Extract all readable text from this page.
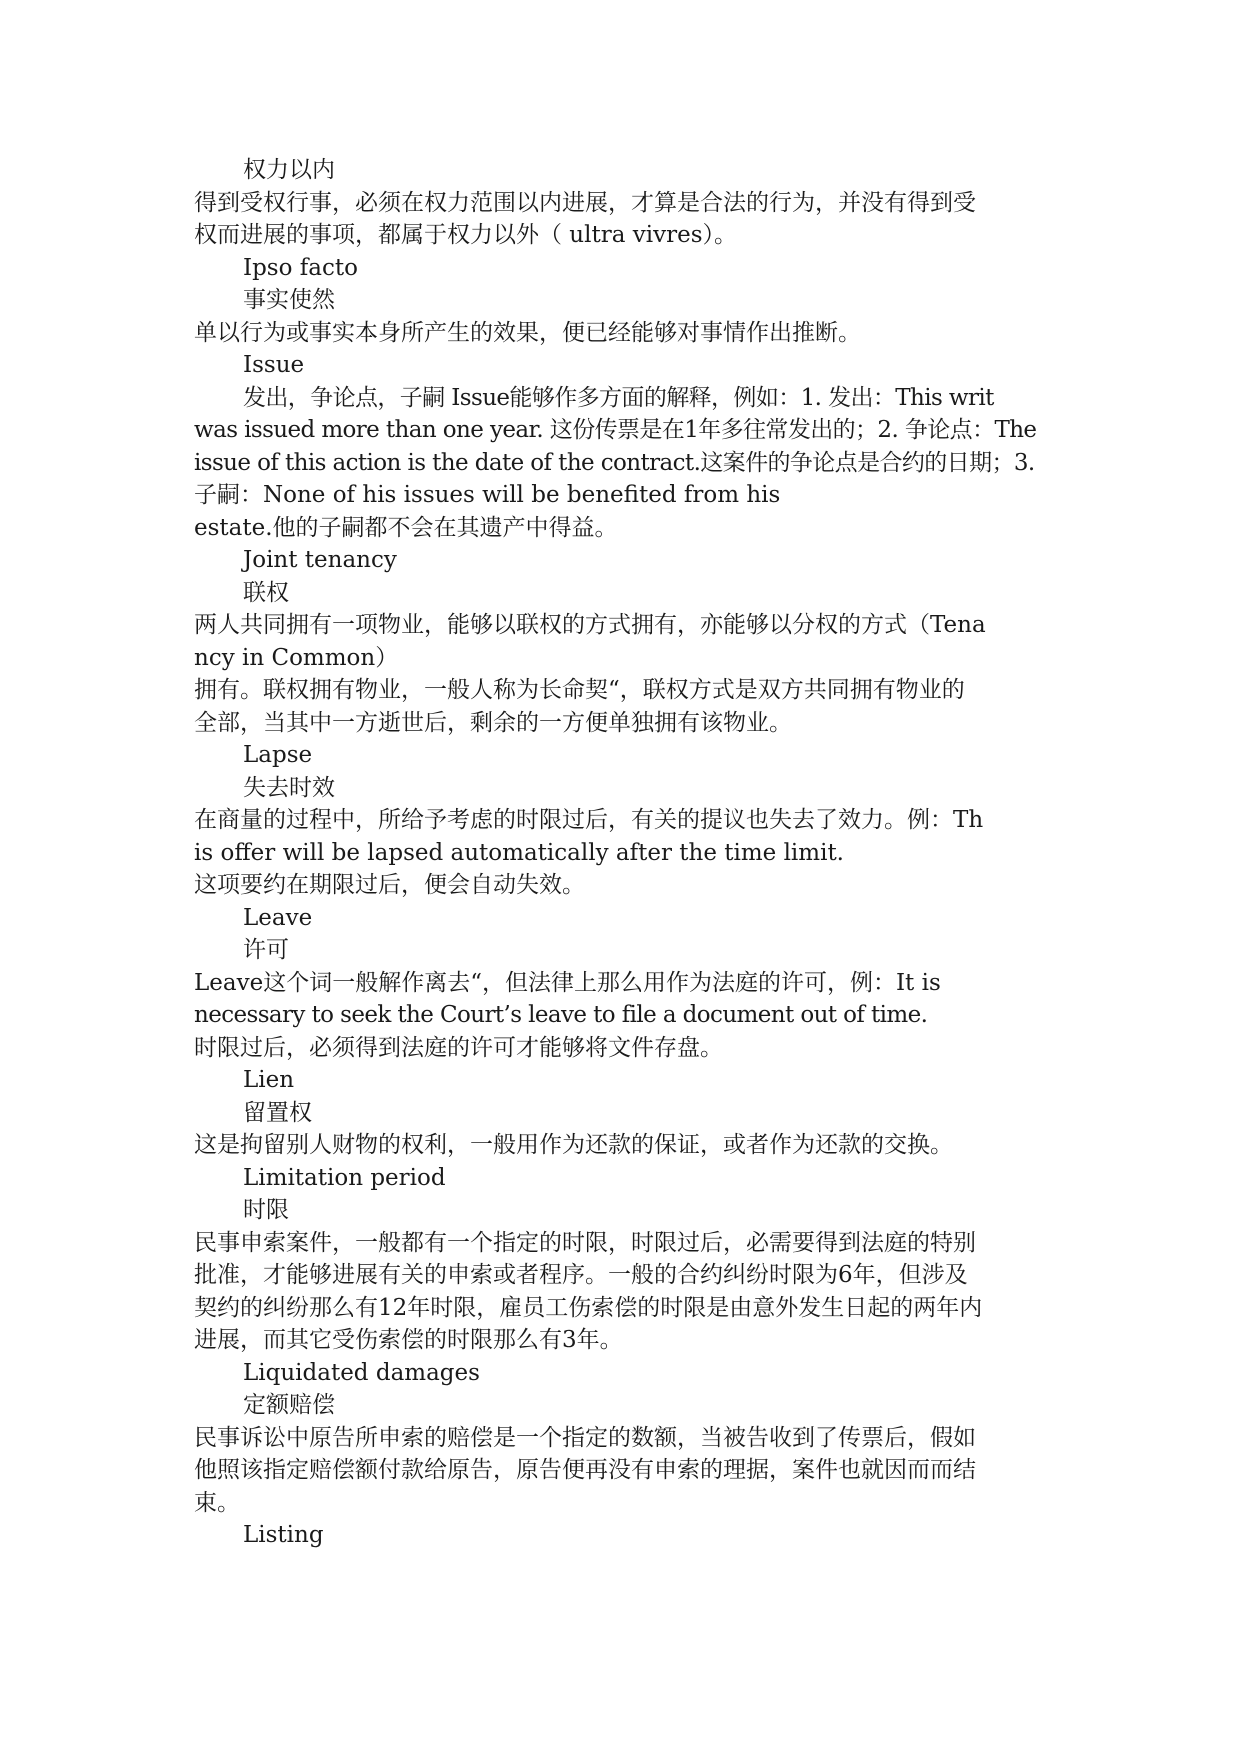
权力以内
得到受权行事，必须在权力范围以内进展，才算是合法的行为，并没有得到受
权而进展的事项，都属于权力以外（ ultra vivres）。
Ipso facto
事实使然
单以行为或事实本身所产生的效果，便已经能够对事情作出推断。
Issue
发出，争论点，子嗣 Issue能够作多方面的解释，例如：1. 发出：This writ
was issued more than one year. 这份传票是在1年多往常发出的；2. 争论点：The
issue of this action is the date of the contract.这案件的争论点是合约的日期；3.
子嗣：None of his issues will be benefited from his
estate.他的子嗣都不会在其遗产中得益。
Joint tenancy
联权
两人共同拥有一项物业，能够以联权的方式拥有，亦能够以分权的方式（Tena
ncy in Common）
拥有。联权拥有物业，一般人称为长命契“，联权方式是双方共同拥有物业的
全部，当其中一方逝世后，剩余的一方便单独拥有该物业。
Lapse
失去时效
在商量的过程中，所给予考虑的时限过后，有关的提议也失去了效力。例：Th
is offer will be lapsed automatically after the time limit.
这项要约在期限过后，便会自动失效。
Leave
许可
Leave这个词一般解作离去“，但法律上那么用作为法庭的许可，例：It is
necessary to seek the Court’s leave to file a document out of time.
时限过后，必须得到法庭的许可才能够将文件存盘。
Lien
留置权
这是拘留别人财物的权利，一般用作为还款的保证，或者作为还款的交换。
Limitation period
时限
民事申索案件，一般都有一个指定的时限，时限过后，必需要得到法庭的特别
批准，才能够进展有关的申索或者程序。一般的合约纠纷时限为6年，但涉及
契约的纠纷那么有12年时限，雇员工伤索偿的时限是由意外发生日起的两年内
进展，而其它受伤索偿的时限那么有3年。
Liquidated damages
定额赔偿
民事诉讼中原告所申索的赔偿是一个指定的数额，当被告收到了传票后，假如
他照该指定赔偿额付款给原告，原告便再没有申索的理据，案件也就因而而结
束。
Listing
